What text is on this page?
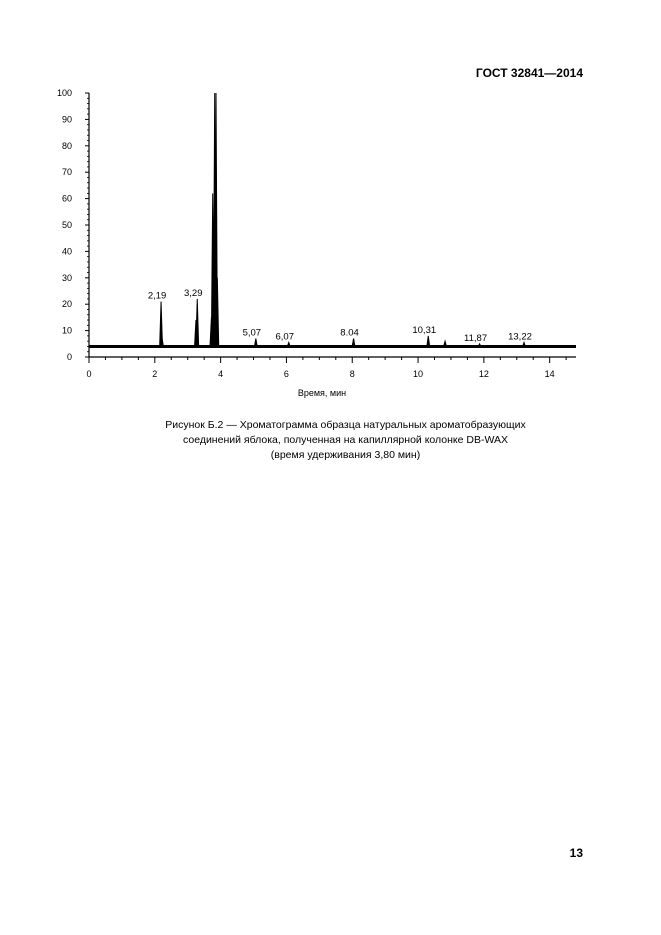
ГОСТ 32841—2014
0
10
20
30
40
50
60
70
80
90
100
0	2	4	6	8	10	12	14
2,19 3,29
5,07 6,07	8.04	10,31
11,87 13,22
Время, мин
Рисунок Б.2 — Хроматограмма образца натуральных ароматобразующих
соединений яблока, полученная на капиллярной колонке DB-WAX
(время удерживания 3,80 мин)
13
